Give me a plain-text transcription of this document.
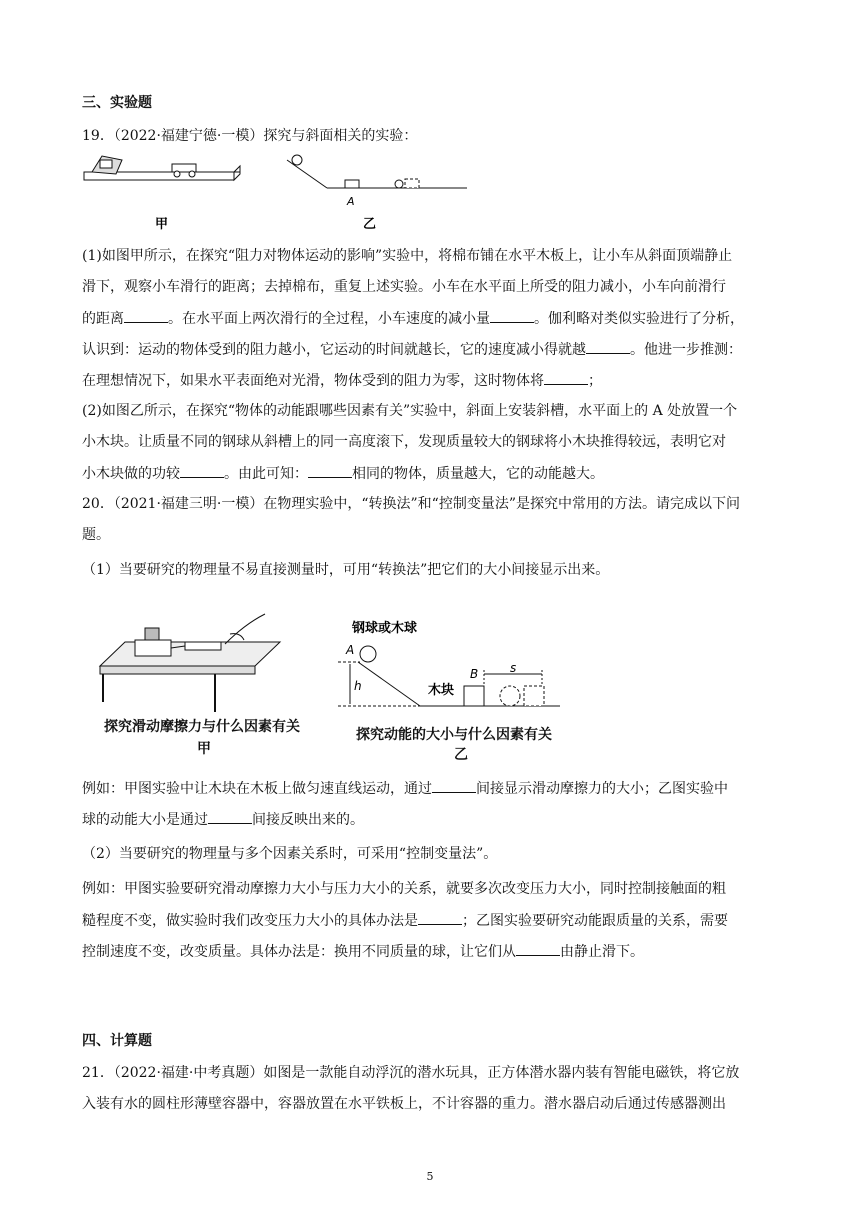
三、实验题
19．（2022·福建宁德·一模）探究与斜面相关的实验：
甲
A
乙
(1)如图甲所示，在探究“阻力对物体运动的影响”实验中，将棉布铺在水平木板上，让小车从斜面顶端静止
滑下，观察小车滑行的距离；去掉棉布，重复上述实验。小车在水平面上所受的阻力减小，小车向前滑行
的距离	。在水平面上两次滑行的全过程，小车速度的减小量	。伽利略对类似实验进行了分析，
认识到：运动的物体受到的阻力越小，它运动的时间就越长，它的速度减小得就越	。他进一步推测：
在理想情况下，如果水平表面绝对光滑，物体受到的阻力为零，这时物体将	；
(2)如图乙所示，在探究“物体的动能跟哪些因素有关”实验中，斜面上安装斜槽，水平面上的 A 处放置一个
小木块。让质量不同的钢球从斜槽上的同一高度滚下，发现质量较大的钢球将小木块推得较远，表明它对
小木块做的功较	。由此可知：	相同的物体，质量越大，它的动能越大。
20．（2021·福建三明·一模）在物理实验中，“转换法”和“控制变量法”是探究中常用的方法。请完成以下问
题。
（1）当要研究的物理量不易直接测量时，可用“转换法”把它们的大小间接显示出来。
探究滑动摩擦力与什么因素有关
甲
钢球或木球
A
h
B
木块
s
探究动能的大小与什么因素有关
乙
例如：甲图实验中让木块在木板上做匀速直线运动，通过	间接显示滑动摩擦力的大小；乙图实验中
球的动能大小是通过	间接反映出来的。
（2）当要研究的物理量与多个因素关系时，可采用“控制变量法”。
例如：甲图实验要研究滑动摩擦力大小与压力大小的关系，就要多次改变压力大小，同时控制接触面的粗
糙程度不变，做实验时我们改变压力大小的具体办法是	；乙图实验要研究动能跟质量的关系，需要
控制速度不变，改变质量。具体办法是：换用不同质量的球，让它们从	由静止滑下。
四、计算题
21．（2022·福建·中考真题）如图是一款能自动浮沉的潜水玩具，正方体潜水器内装有智能电磁铁，将它放
入装有水的圆柱形薄壁容器中，容器放置在水平铁板上，不计容器的重力。潜水器启动后通过传感器测出
5
